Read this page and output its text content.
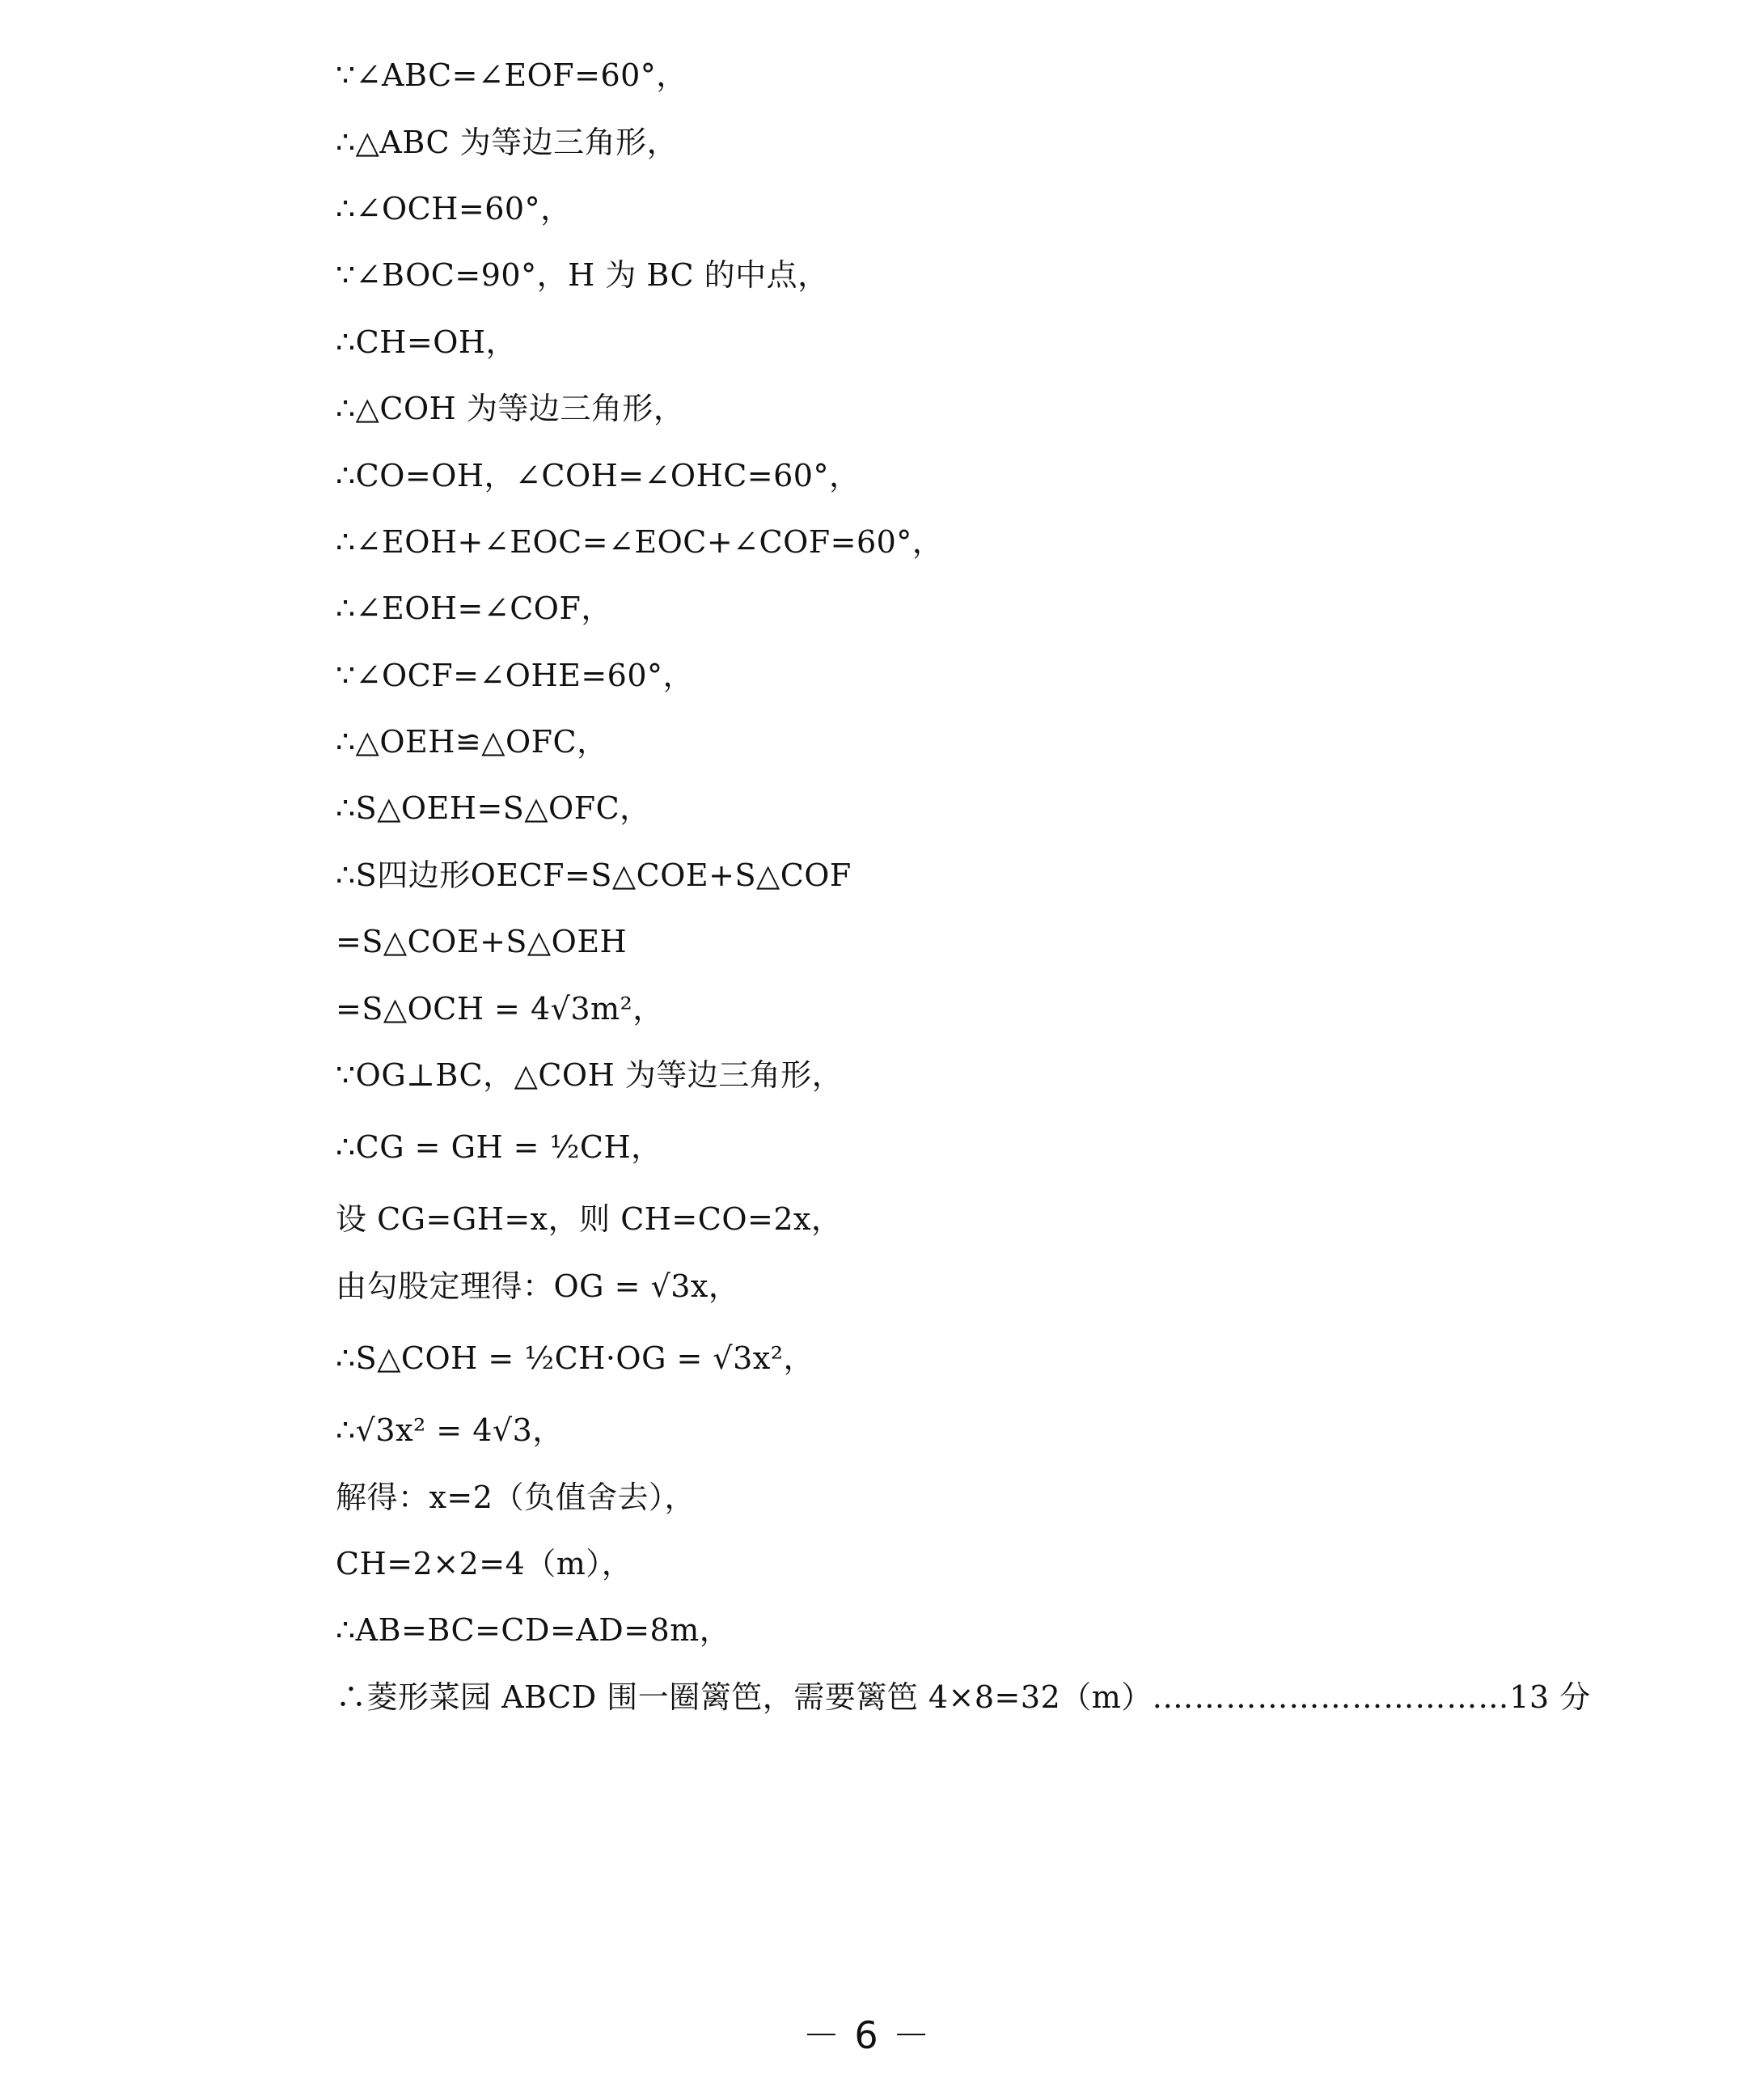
∵∠ABC=∠EOF=60°，
∴△ABC 为等边三角形，
∴∠OCH=60°，
∵∠BOC=90°，H 为 BC 的中点，
∴CH=OH，
∴△COH 为等边三角形，
∴CO=OH，∠COH=∠OHC=60°，
∴∠EOH+∠EOC=∠EOC+∠COF=60°，
∴∠EOH=∠COF，
∵∠OCF=∠OHE=60°，
∴△OEH≌△OFC，
∴S△OEH=S△OFC，
∴S四边形OECF=S△COE+S△COF
=S△COE+S△OEH
=S△OCH = 4√3m²，
∵OG⊥BC，△COH 为等边三角形，
∴CG = GH = ½CH，
设 CG=GH=x，则 CH=CO=2x，
由勾股定理得：OG = √3x，
∴S△COH = ½CH·OG = √3x²，
∴√3x² = 4√3，
解得：x=2（负值舍去），
CH=2×2=4（m），
∴AB=BC=CD=AD=8m，
∴菱形菜园 ABCD 围一圈篱笆，需要篱笆 4×8=32（m）. …………………………… 13 分
－6－
